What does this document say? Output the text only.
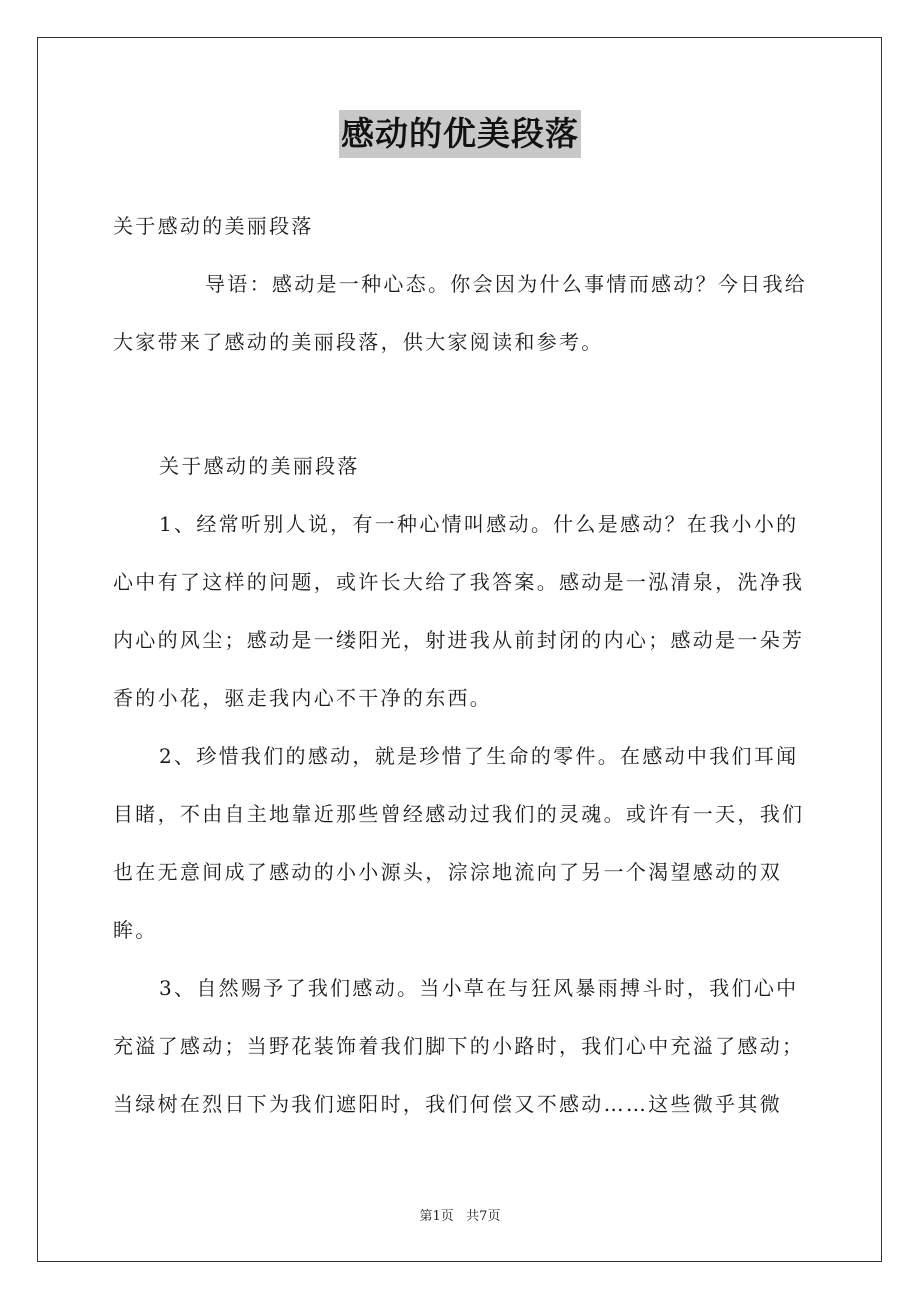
感动的优美段落

关于感动的美丽段落

导语：感动是一种心态。你会因为什么事情而感动？今日我给大家带来了感动的美丽段落，供大家阅读和参考。

关于感动的美丽段落

1、经常听别人说，有一种心情叫感动。什么是感动？在我小小的心中有了这样的问题，或许长大给了我答案。感动是一泓清泉，洗净我内心的风尘；感动是一缕阳光，射进我从前封闭的内心；感动是一朵芳香的小花，驱走我内心不干净的东西。

2、珍惜我们的感动，就是珍惜了生命的零件。在感动中我们耳闻目睹，不由自主地靠近那些曾经感动过我们的灵魂。或许有一天，我们也在无意间成了感动的小小源头，淙淙地流向了另一个渴望感动的双眸。

3、自然赐予了我们感动。当小草在与狂风暴雨搏斗时，我们心中充溢了感动；当野花装饰着我们脚下的小路时，我们心中充溢了感动；当绿树在烈日下为我们遮阳时，我们何偿又不感动……这些微乎其微

第1页   共7页
